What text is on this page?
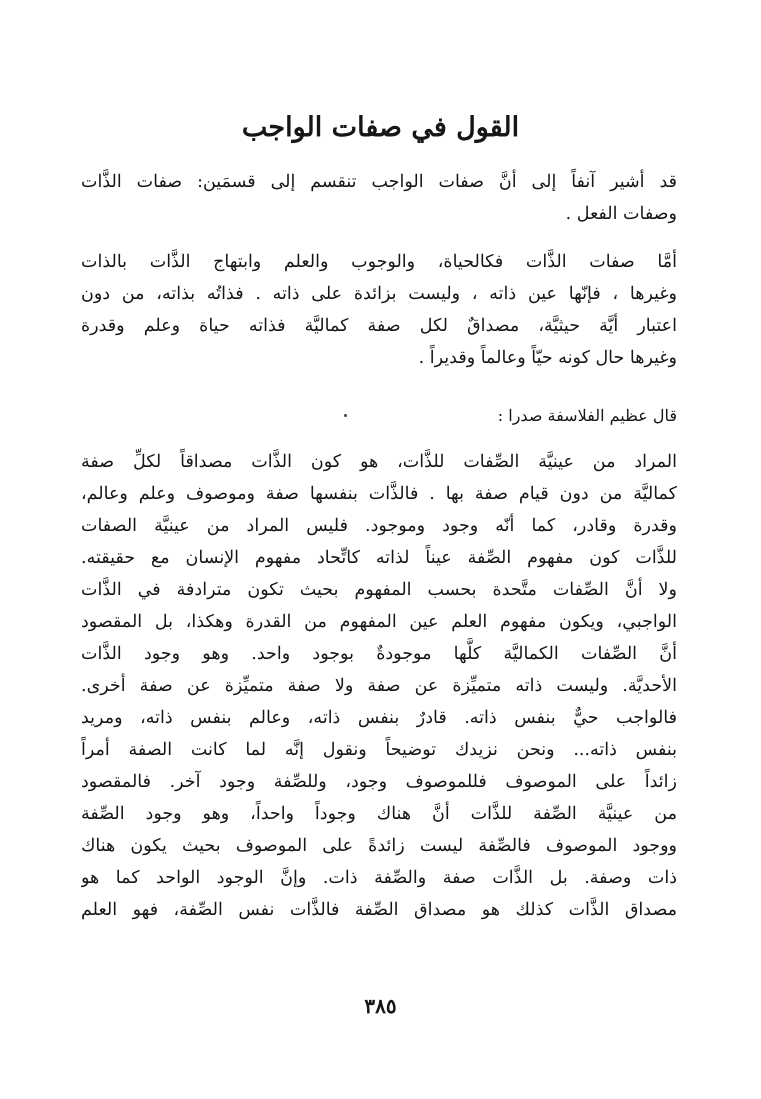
القول في صفات الواجب
قد أشير آنفاً إلى أنَّ صفات الواجب تنقسم إلى قسمَين: صفات الذَّات
وصفات الفعل .
أمَّا صفات الذَّات فكالحياة، والوجوب والعلم وابتهاج الذَّات بالذات
وغيرها ، فإنّها عين ذاته ، وليست بزائدة على ذاته . فذاتُه بذاته، من دون
اعتبار أيَّة حيثيَّة، مصداقٌ لكل صفة كماليَّة فذاته حياة وعلم وقدرة
وغيرها حال كونه حيّاً وعالماً وقديراً .
قال عظيم الفلاسفة صدرا :
المراد من عينيَّة الصِّفات للذَّات، هو كون الذَّات مصداقاً لكلِّ صفة
كماليَّة من دون قيام صفة بها . فالذَّات بنفسها صفة وموصوف وعلم وعالم،
وقدرة وقادر، كما أنّه وجود وموجود. فليس المراد من عينيَّة الصفات
للذَّات كون مفهوم الصِّفة عيناً لذاته كاتِّحاد مفهوم الإنسان مع حقيقته.
ولا أنَّ الصِّفات متَّحدة بحسب المفهوم بحيث تكون مترادفة في الذَّات
الواجبي، ويكون مفهوم العلم عين المفهوم من القدرة وهكذا، بل المقصود
أنَّ الصِّفات الكماليَّة كلَّها موجودةٌ بوجود واحد. وهو وجود الذَّات
الأحديَّة. وليست ذاته متميِّزة عن صفة ولا صفة متميِّزة عن صفة أخرى.
فالواجب حيٌّ بنفس ذاته. قادرٌ بنفس ذاته، وعالم بنفس ذاته، ومريد
بنفس ذاته... ونحن نزيدك توضيحاً ونقول إنَّه لما كانت الصفة أمراً
زائداً على الموصوف فللموصوف وجود، وللصِّفة وجود آخر. فالمقصود
من عينيَّة الصِّفة للذَّات أنَّ هناك وجوداً واحداً، وهو وجود الصِّفة
ووجود الموصوف فالصِّفة ليست زائدةً على الموصوف بحيث يكون هناك
ذات وصفة. بل الذَّات صفة والصِّفة ذات. وإنَّ الوجود الواحد كما هو
مصداق الذَّات كذلك هو مصداق الصِّفة فالذَّات نفس الصِّفة، فهو العلم
٣٨٥
